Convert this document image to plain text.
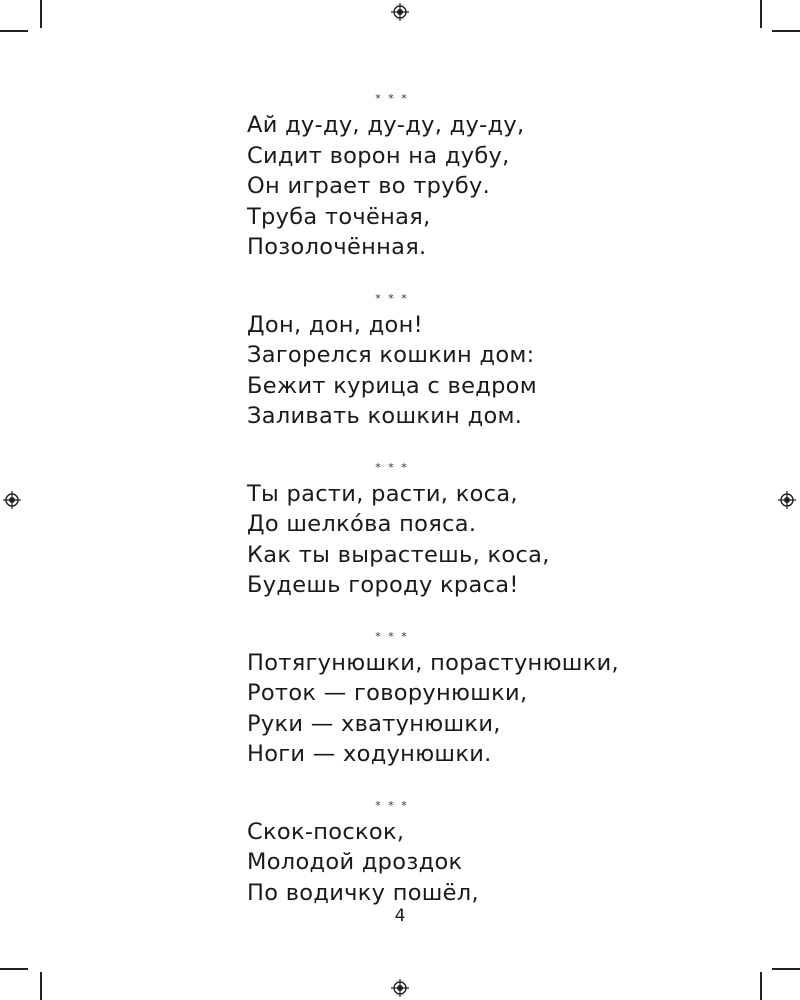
* * *
Ай ду-ду, ду-ду, ду-ду,
Сидит ворон на дубу,
Он играет во трубу.
Труба точёная,
Позолочённая.
* * *
Дон, дон, дон!
Загорелся кошкин дом:
Бежит курица с ведром
Заливать кошкин дом.
* * *
Ты расти, расти, коса,
До шелко́ва пояса.
Как ты вырастешь, коса,
Будешь городу краса!
* * *
Потягунюшки, порастунюшки,
Роток — говорунюшки,
Руки — хватунюшки,
Ноги — ходунюшки.
* * *
Скок-поскок,
Молодой дроздок
По водичку пошёл,
4
